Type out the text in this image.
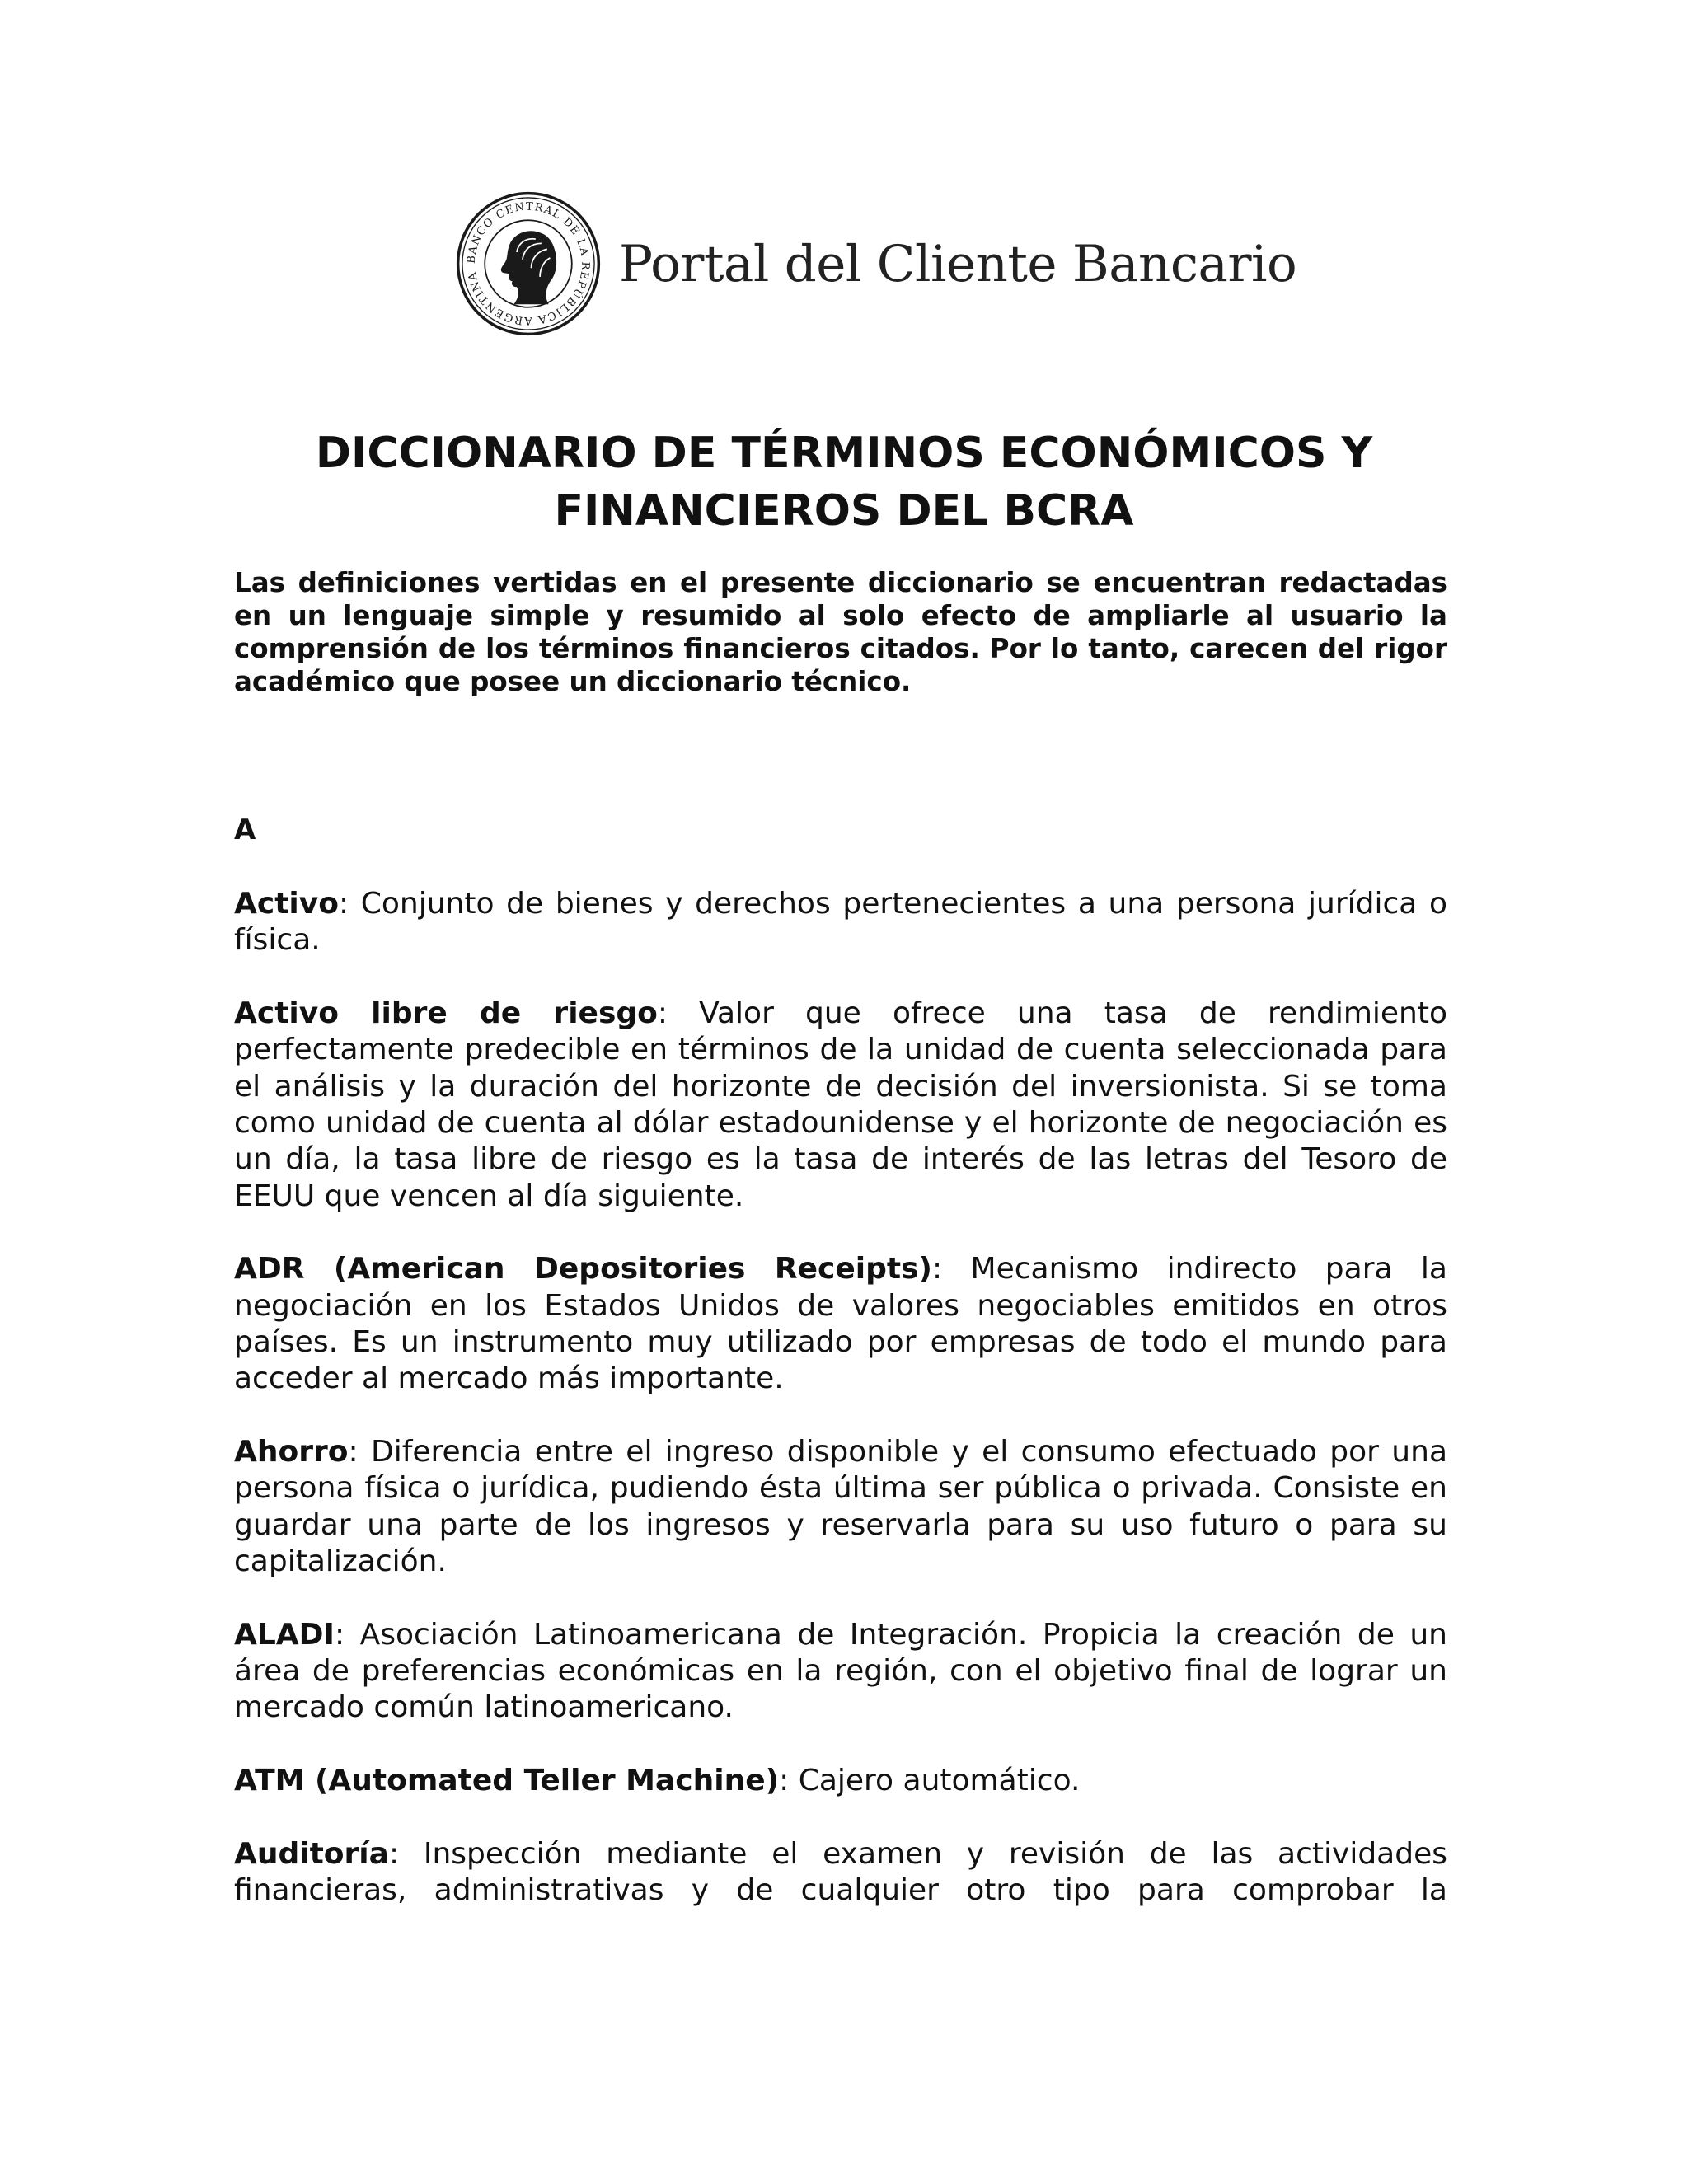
BANCO CENTRAL DE LA REPÚBLICA ARGENTINA	Portal del Cliente Bancario
DICCIONARIO DE TÉRMINOS ECONÓMICOS Y
FINANCIEROS DEL BCRA
Las definiciones vertidas en el presente diccionario se encuentran redactadas en un lenguaje simple y resumido al solo efecto de ampliarle al usuario la comprensión de los términos financieros citados. Por lo tanto, carecen del rigor académico que posee un diccionario técnico.
A

Activo: Conjunto de bienes y derechos pertenecientes a una persona jurídica o física.

Activo libre de riesgo: Valor que ofrece una tasa de rendimiento perfectamente predecible en términos de la unidad de cuenta seleccionada para el análisis y la duración del horizonte de decisión del inversionista. Si se toma como unidad de cuenta al dólar estadounidense y el horizonte de negociación es un día, la tasa libre de riesgo es la tasa de interés de las letras del Tesoro de EEUU que vencen al día siguiente.

ADR (American Depositories Receipts): Mecanismo indirecto para la negociación en los Estados Unidos de valores negociables emitidos en otros países. Es un instrumento muy utilizado por empresas de todo el mundo para acceder al mercado más importante.

Ahorro: Diferencia entre el ingreso disponible y el consumo efectuado por una persona física o jurídica, pudiendo ésta última ser pública o privada. Consiste en guardar una parte de los ingresos y reservarla para su uso futuro o para su capitalización.

ALADI: Asociación Latinoamericana de Integración. Propicia la creación de un área de preferencias económicas en la región, con el objetivo final de lograr un mercado común latinoamericano.

ATM (Automated Teller Machine): Cajero automático.

Auditoría: Inspección mediante el examen y revisión de las actividades financieras, administrativas y de cualquier otro tipo para comprobar la
